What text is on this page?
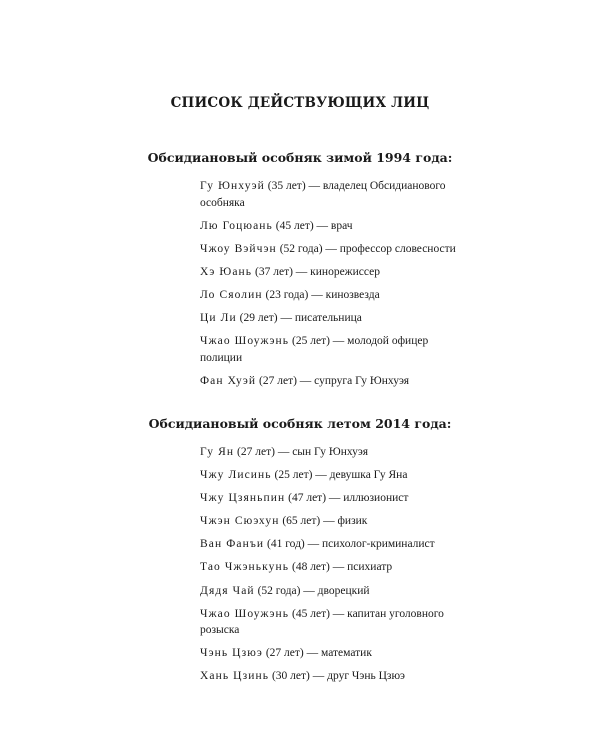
СПИСОК ДЕЙСТВУЮЩИХ ЛИЦ
Обсидиановый особняк зимой 1994 года:
Гу Юнхуэй (35 лет) — владелец Обсидианового особняка
Лю Гоцюань (45 лет) — врач
Чжоу Вэйчэн (52 года) — профессор словесности
Хэ Юань (37 лет) — кинорежиссер
Ло Сяолин (23 года) — кинозвезда
Ци Ли (29 лет) — писательница
Чжао Шоужэнь (25 лет) — молодой офицер полиции
Фан Хуэй (27 лет) — супруга Гу Юнхуэя
Обсидиановый особняк летом 2014 года:
Гу Ян (27 лет) — сын Гу Юнхуэя
Чжу Лисинь (25 лет) — девушка Гу Яна
Чжу Цзяньпин (47 лет) — иллюзионист
Чжэн Сюэхун (65 лет) — физик
Ван Фанъи (41 год) — психолог-криминалист
Тао Чжэнькунь (48 лет) — психиатр
Дядя Чай (52 года) — дворецкий
Чжао Шоужэнь (45 лет) — капитан уголовного розыска
Чэнь Цзюэ (27 лет) — математик
Хань Цзинь (30 лет) — друг Чэнь Цзюэ
